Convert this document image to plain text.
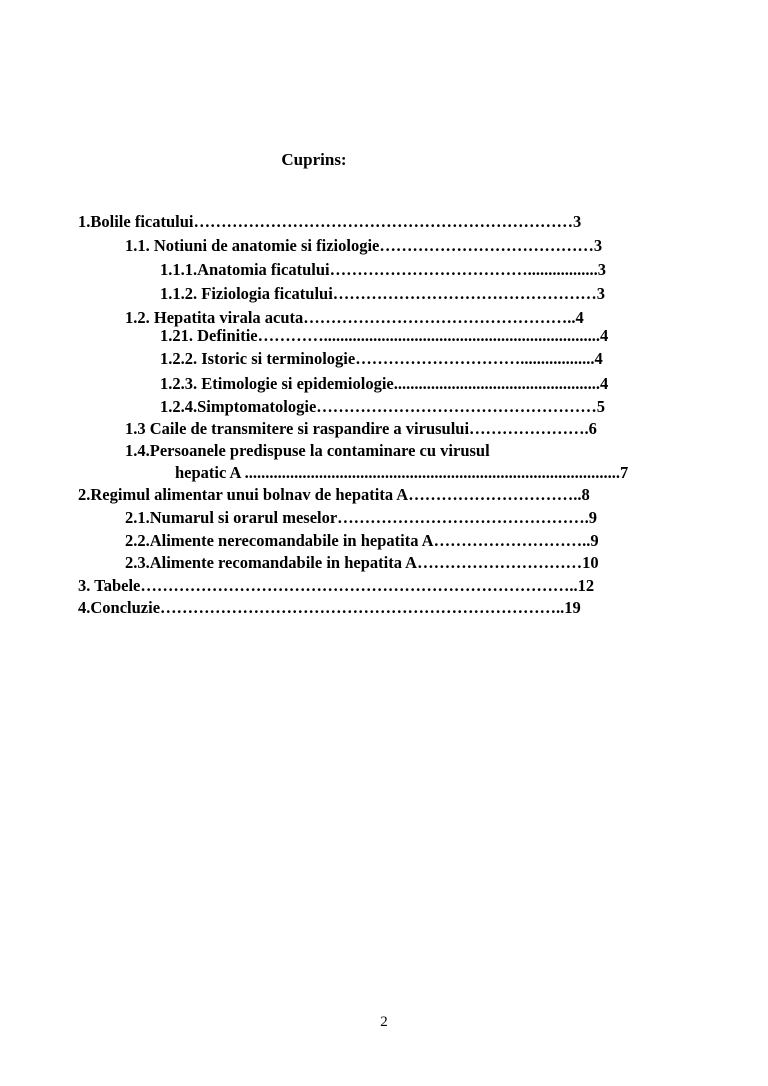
Cuprins:
1.Bolile ficatului……………………………………………………………3
1.1. Notiuni de anatomie si fiziologie…………………………………3
1.1.1.Anatomia ficatului……………………………….................3
1.1.2. Fiziologia ficatului…………………………………………3
1.2. Hepatita virala acuta…………………………………………..4
1.21. Definitie…………...................................................................4
1.2.2. Istoric si terminologie…………………………..................4
1.2.3. Etimologie si epidemiologie..................................................4
1.2.4.Simptomatologie……………………………………………5
1.3 Caile de transmitere si raspandire a virusului………………….6
1.4.Persoanele predispuse la contaminare cu virusul
hepatic A ...........................................................................................7
2.Regimul alimentar unui bolnav de hepatita A…………………………..8
2.1.Numarul si orarul meselor……………………………………….9
2.2.Alimente nerecomandabile in hepatita A………………………..9
2.3.Alimente recomandabile in hepatita A…………………………10
3. Tabele……………………………………………………………………..12
4.Concluzie………………………………………………………………..19
2
